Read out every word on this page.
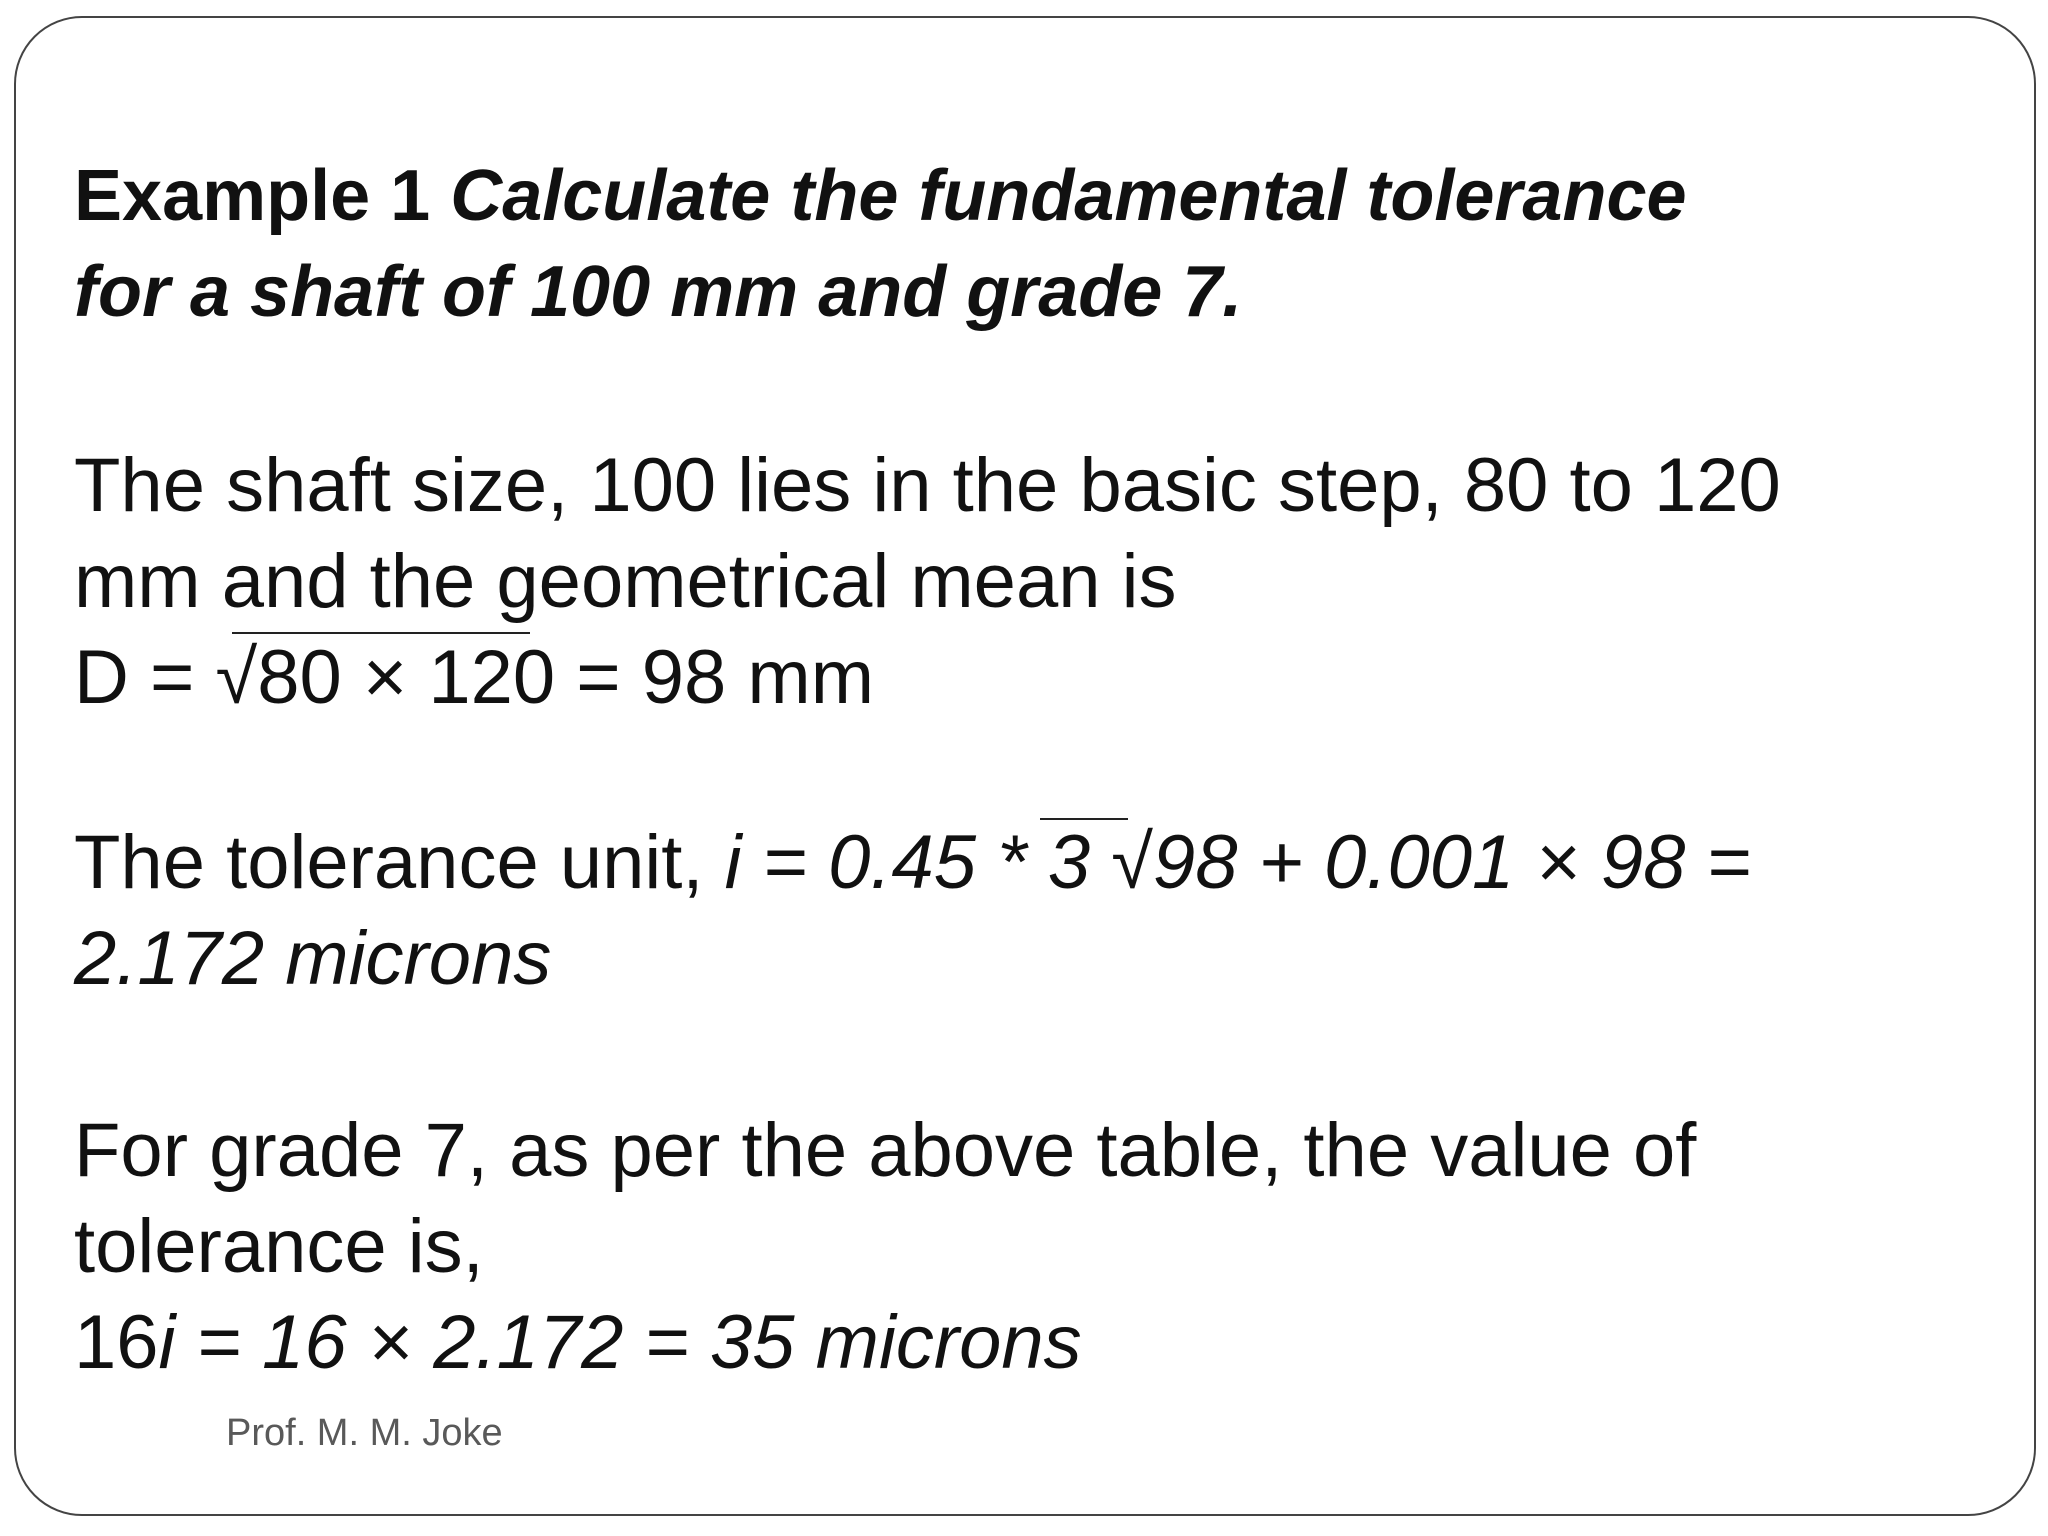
Example 1 Calculate the fundamental tolerance
for a shaft of 100 mm and grade 7.
The shaft size, 100 lies in the basic step, 80 to 120
mm and the geometrical mean is
D = √80 × 120 = 98 mm
The tolerance unit, i = 0.45 * 3 √98 + 0.001 × 98 =
2.172 microns
For grade 7, as per the above table, the value of
tolerance is,
16i = 16 × 2.172 = 35 microns
Prof. M. M. Joke
